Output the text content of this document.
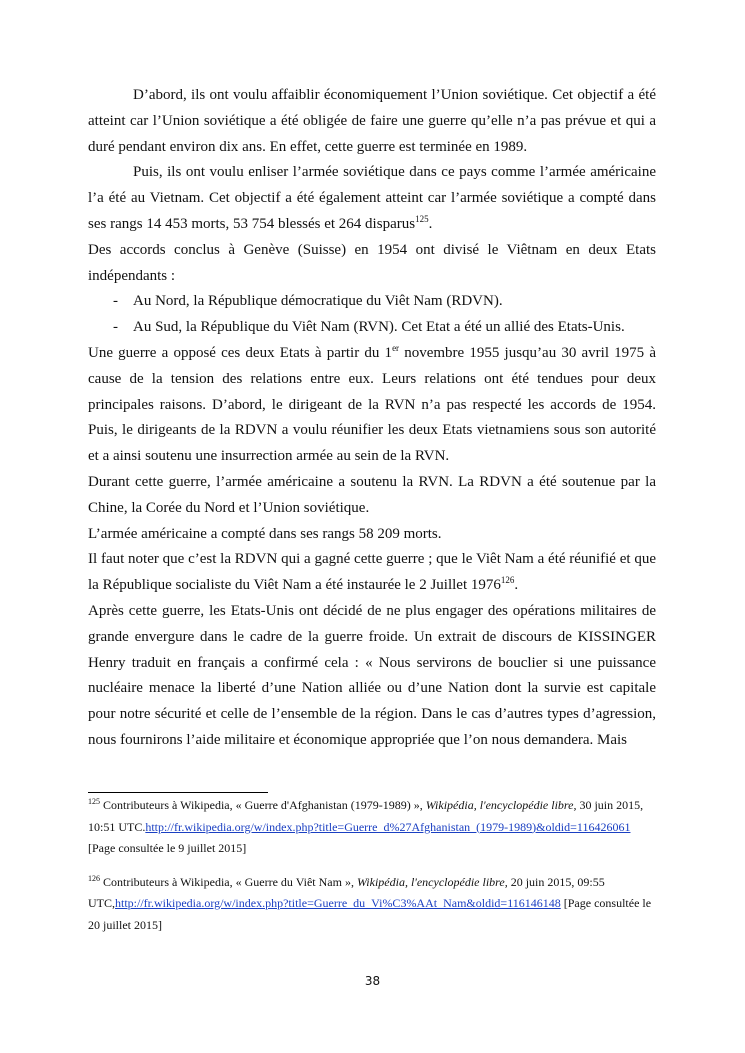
D’abord, ils ont voulu affaiblir économiquement l’Union soviétique. Cet objectif a été atteint car l’Union soviétique a été obligée de faire une guerre qu’elle n’a pas prévue et qui a duré pendant environ dix ans. En effet, cette guerre est terminée en 1989.

Puis, ils ont voulu enliser l’armée soviétique dans ce pays comme l’armée américaine l’a été au Vietnam. Cet objectif a été également atteint car l’armée soviétique a compté dans ses rangs 14 453 morts, 53 754 blessés et 264 disparus$^{125}$.

Des accords conclus à Genève (Suisse) en 1954 ont divisé le Viêtnam en deux Etats indépendants :

- Au Nord, la République démocratique du Viêt Nam (RDVN).
- Au Sud, la République du Viêt Nam (RVN). Cet Etat a été un allié des Etats-Unis.

Une guerre a opposé ces deux Etats à partir du 1er novembre 1955 jusqu’au 30 avril 1975 à cause de la tension des relations entre eux. Leurs relations ont été tendues pour deux principales raisons. D’abord, le dirigeant de la RVN n’a pas respecté les accords de 1954. Puis, le dirigeants de la RDVN a voulu réunifier les deux Etats vietnamiens sous son autorité et a ainsi soutenu une insurrection armée au sein de la RVN.

Durant cette guerre, l’armée américaine a soutenu la RVN. La RDVN a été soutenue par la Chine, la Corée du Nord et l’Union soviétique.

L’armée américaine a compté dans ses rangs 58 209 morts.

Il faut noter que c’est la RDVN qui a gagné cette guerre ; que le Viêt Nam a été réunifié et que la République socialiste du Viêt Nam a été instaurée le 2 Juillet 1976$^{126}$.

Après cette guerre, les Etats-Unis ont décidé de ne plus engager des opérations militaires de grande envergure dans le cadre de la guerre froide. Un extrait de discours de KISSINGER Henry traduit en français a confirmé cela : « Nous servirons de bouclier si une puissance nucléaire menace la liberté d’une Nation alliée ou d’une Nation dont la survie est capitale pour notre sécurité et celle de l’ensemble de la région. Dans le cas d’autres types d’agression, nous fournirons l’aide militaire et économique appropriée que l’on nous demandera. Mais

$^{125}$ Contributeurs à Wikipedia, « Guerre d'Afghanistan (1979-1989) », Wikipédia, l'encyclopédie libre, 30 juin 2015, 10:51 UTC.http://fr.wikipedia.org/w/index.php?title=Guerre_d%27Afghanistan_(1979-1989)&oldid=116426061 [Page consultée le 9 juillet 2015]

$^{126}$ Contributeurs à Wikipedia, « Guerre du Viêt Nam », Wikipédia, l'encyclopédie libre, 20 juin 2015, 09:55 UTC,http://fr.wikipedia.org/w/index.php?title=Guerre_du_Vi%C3%AAt_Nam&oldid=116146148 [Page consultée le 20 juillet 2015]

38
